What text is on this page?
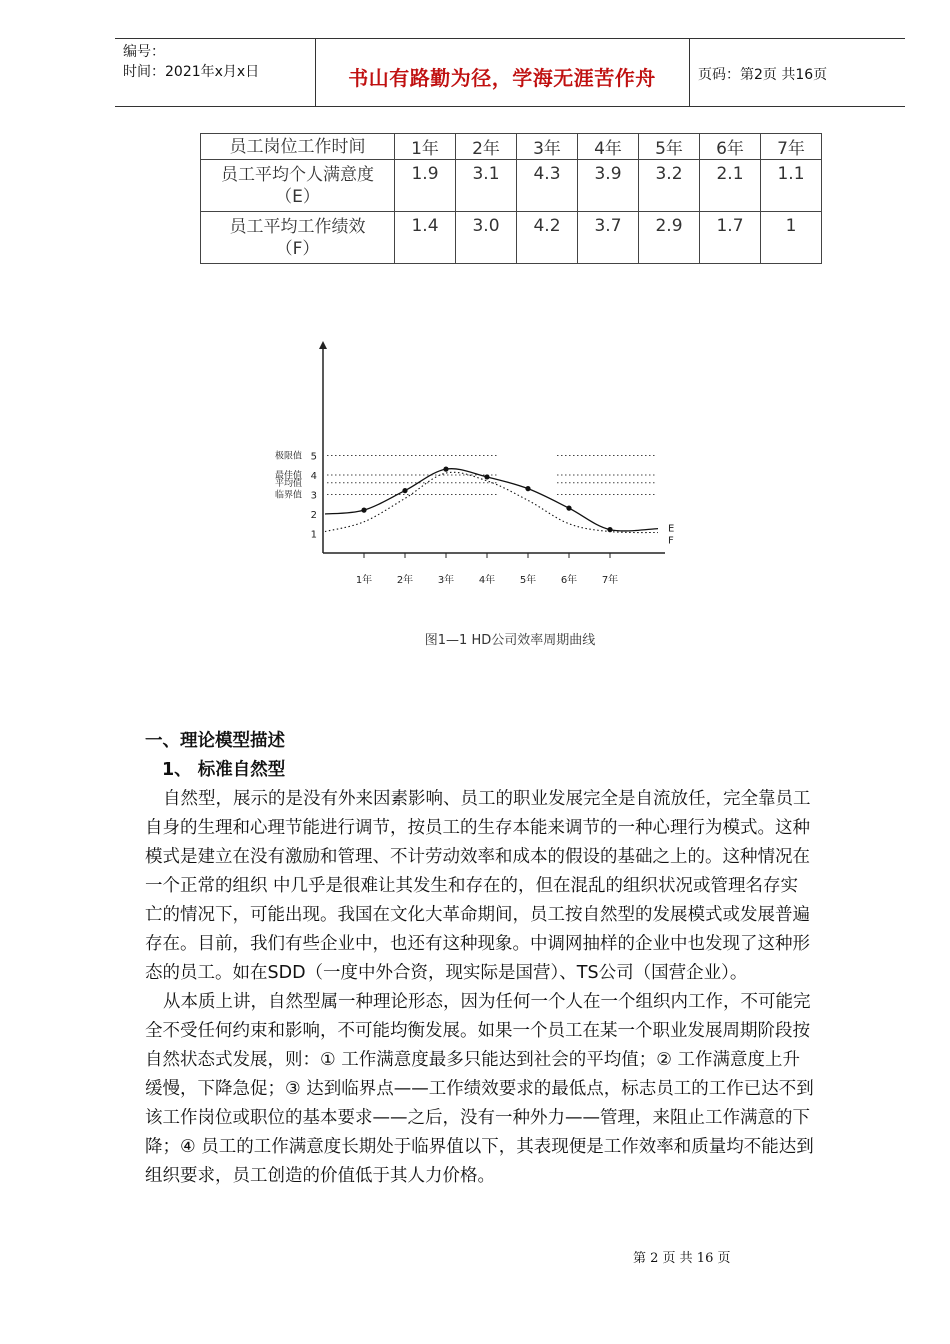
编号：
时间：2021年x月x日	书山有路勤为径，学海无涯苦作舟	页码：第2页 共16页
员工岗位工作时间	1年	2年	3年	4年	5年	6年	7年

员工平均个人满意度
（E）	1.9	3.1	4.3	3.9	3.2	2.1	1.1

员工平均工作绩效
（F）	1.4	3.0	4.2	3.7	2.9	1.7	1
极限值
最佳值
平均值
临界值
1
2
3
4
5
1年 2年 3年 4年 5年 6年 7年
E
F
图1—1 HD公司效率周期曲线
一、理论模型描述
1、 标准自然型
自然型，展示的是没有外来因素影响、员工的职业发展完全是自流放任，完全靠员工
自身的生理和心理节能进行调节，按员工的生存本能来调节的一种心理行为模式。这种
模式是建立在没有激励和管理、不计劳动效率和成本的假设的基础之上的。这种情况在
一个正常的组织 中几乎是很难让其发生和存在的，但在混乱的组织状况或管理名存实
亡的情况下，可能出现。我国在文化大革命期间，员工按自然型的发展模式或发展普遍
存在。目前，我们有些企业中，也还有这种现象。中调网抽样的企业中也发现了这种形
态的员工。如在SDD（一度中外合资，现实际是国营）、TS公司（国营企业）。
从本质上讲，自然型属一种理论形态，因为任何一个人在一个组织内工作，不可能完
全不受任何约束和影响，不可能均衡发展。如果一个员工在某一个职业发展周期阶段按
自然状态式发展，则：① 工作满意度最多只能达到社会的平均值；② 工作满意度上升
缓慢，下降急促；③ 达到临界点——工作绩效要求的最低点，标志员工的工作已达不到
该工作岗位或职位的基本要求——之后，没有一种外力——管理，来阻止工作满意的下
降；④ 员工的工作满意度长期处于临界值以下，其表现便是工作效率和质量均不能达到
组织要求，员工创造的价值低于其人力价格。
第 2 页 共 16 页
